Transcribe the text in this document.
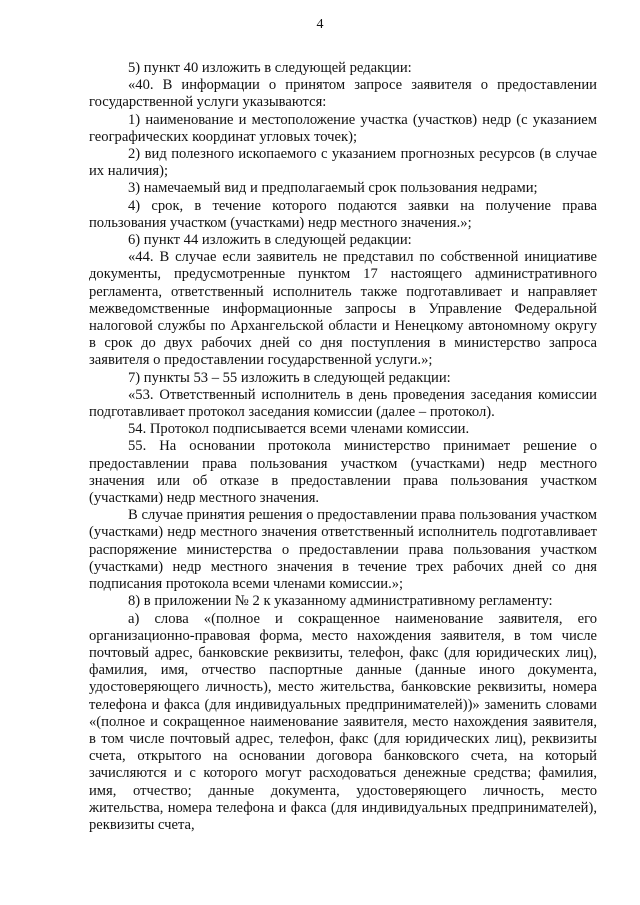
4

5) пункт 40 изложить в следующей редакции:

«40. В информации о принятом запросе заявителя о предоставлении государственной услуги указываются:

1) наименование и местоположение участка (участков) недр (с указанием географических координат угловых точек);

2) вид полезного ископаемого с указанием прогнозных ресурсов (в случае их наличия);

3) намечаемый вид и предполагаемый срок пользования недрами;

4) срок, в течение которого подаются заявки на получение права пользования участком (участками) недр местного значения.»;

6) пункт 44 изложить в следующей редакции:

«44. В случае если заявитель не представил по собственной инициативе документы, предусмотренные пунктом 17 настоящего административного регламента, ответственный исполнитель также подготавливает и направляет межведомственные информационные запросы в Управление Федеральной налоговой службы по Архангельской области и Ненецкому автономному округу в срок до двух рабочих дней со дня поступления в министерство запроса заявителя о предоставлении государственной услуги.»;

7) пункты 53 – 55 изложить в следующей редакции:

«53. Ответственный исполнитель в день проведения заседания комиссии подготавливает протокол заседания комиссии (далее – протокол).

54. Протокол подписывается всеми членами комиссии.

55. На основании протокола министерство принимает решение о предоставлении права пользования участком (участками) недр местного значения или об отказе в предоставлении права пользования участком (участками) недр местного значения.

В случае принятия решения о предоставлении права пользования участком (участками) недр местного значения ответственный исполнитель подготавливает распоряжение министерства о предоставлении права пользования участком (участками) недр местного значения в течение трех рабочих дней со дня подписания протокола всеми членами комиссии.»;

8) в приложении № 2 к указанному административному регламенту:

а) слова «(полное и сокращенное наименование заявителя, его организационно-правовая форма, место нахождения заявителя, в том числе почтовый адрес, банковские реквизиты, телефон, факс (для юридических лиц), фамилия, имя, отчество паспортные данные (данные иного документа, удостоверяющего личность), место жительства, банковские реквизиты, номера телефона и факса (для индивидуальных предпринимателей))» заменить словами «(полное и сокращенное наименование заявителя, место нахождения заявителя, в том числе почтовый адрес, телефон, факс (для юридических лиц), реквизиты счета, открытого на основании договора банковского счета, на который зачисляются и с которого могут расходоваться денежные средства; фамилия, имя, отчество; данные документа, удостоверяющего личность, место жительства, номера телефона и факса (для индивидуальных предпринимателей), реквизиты счета,
